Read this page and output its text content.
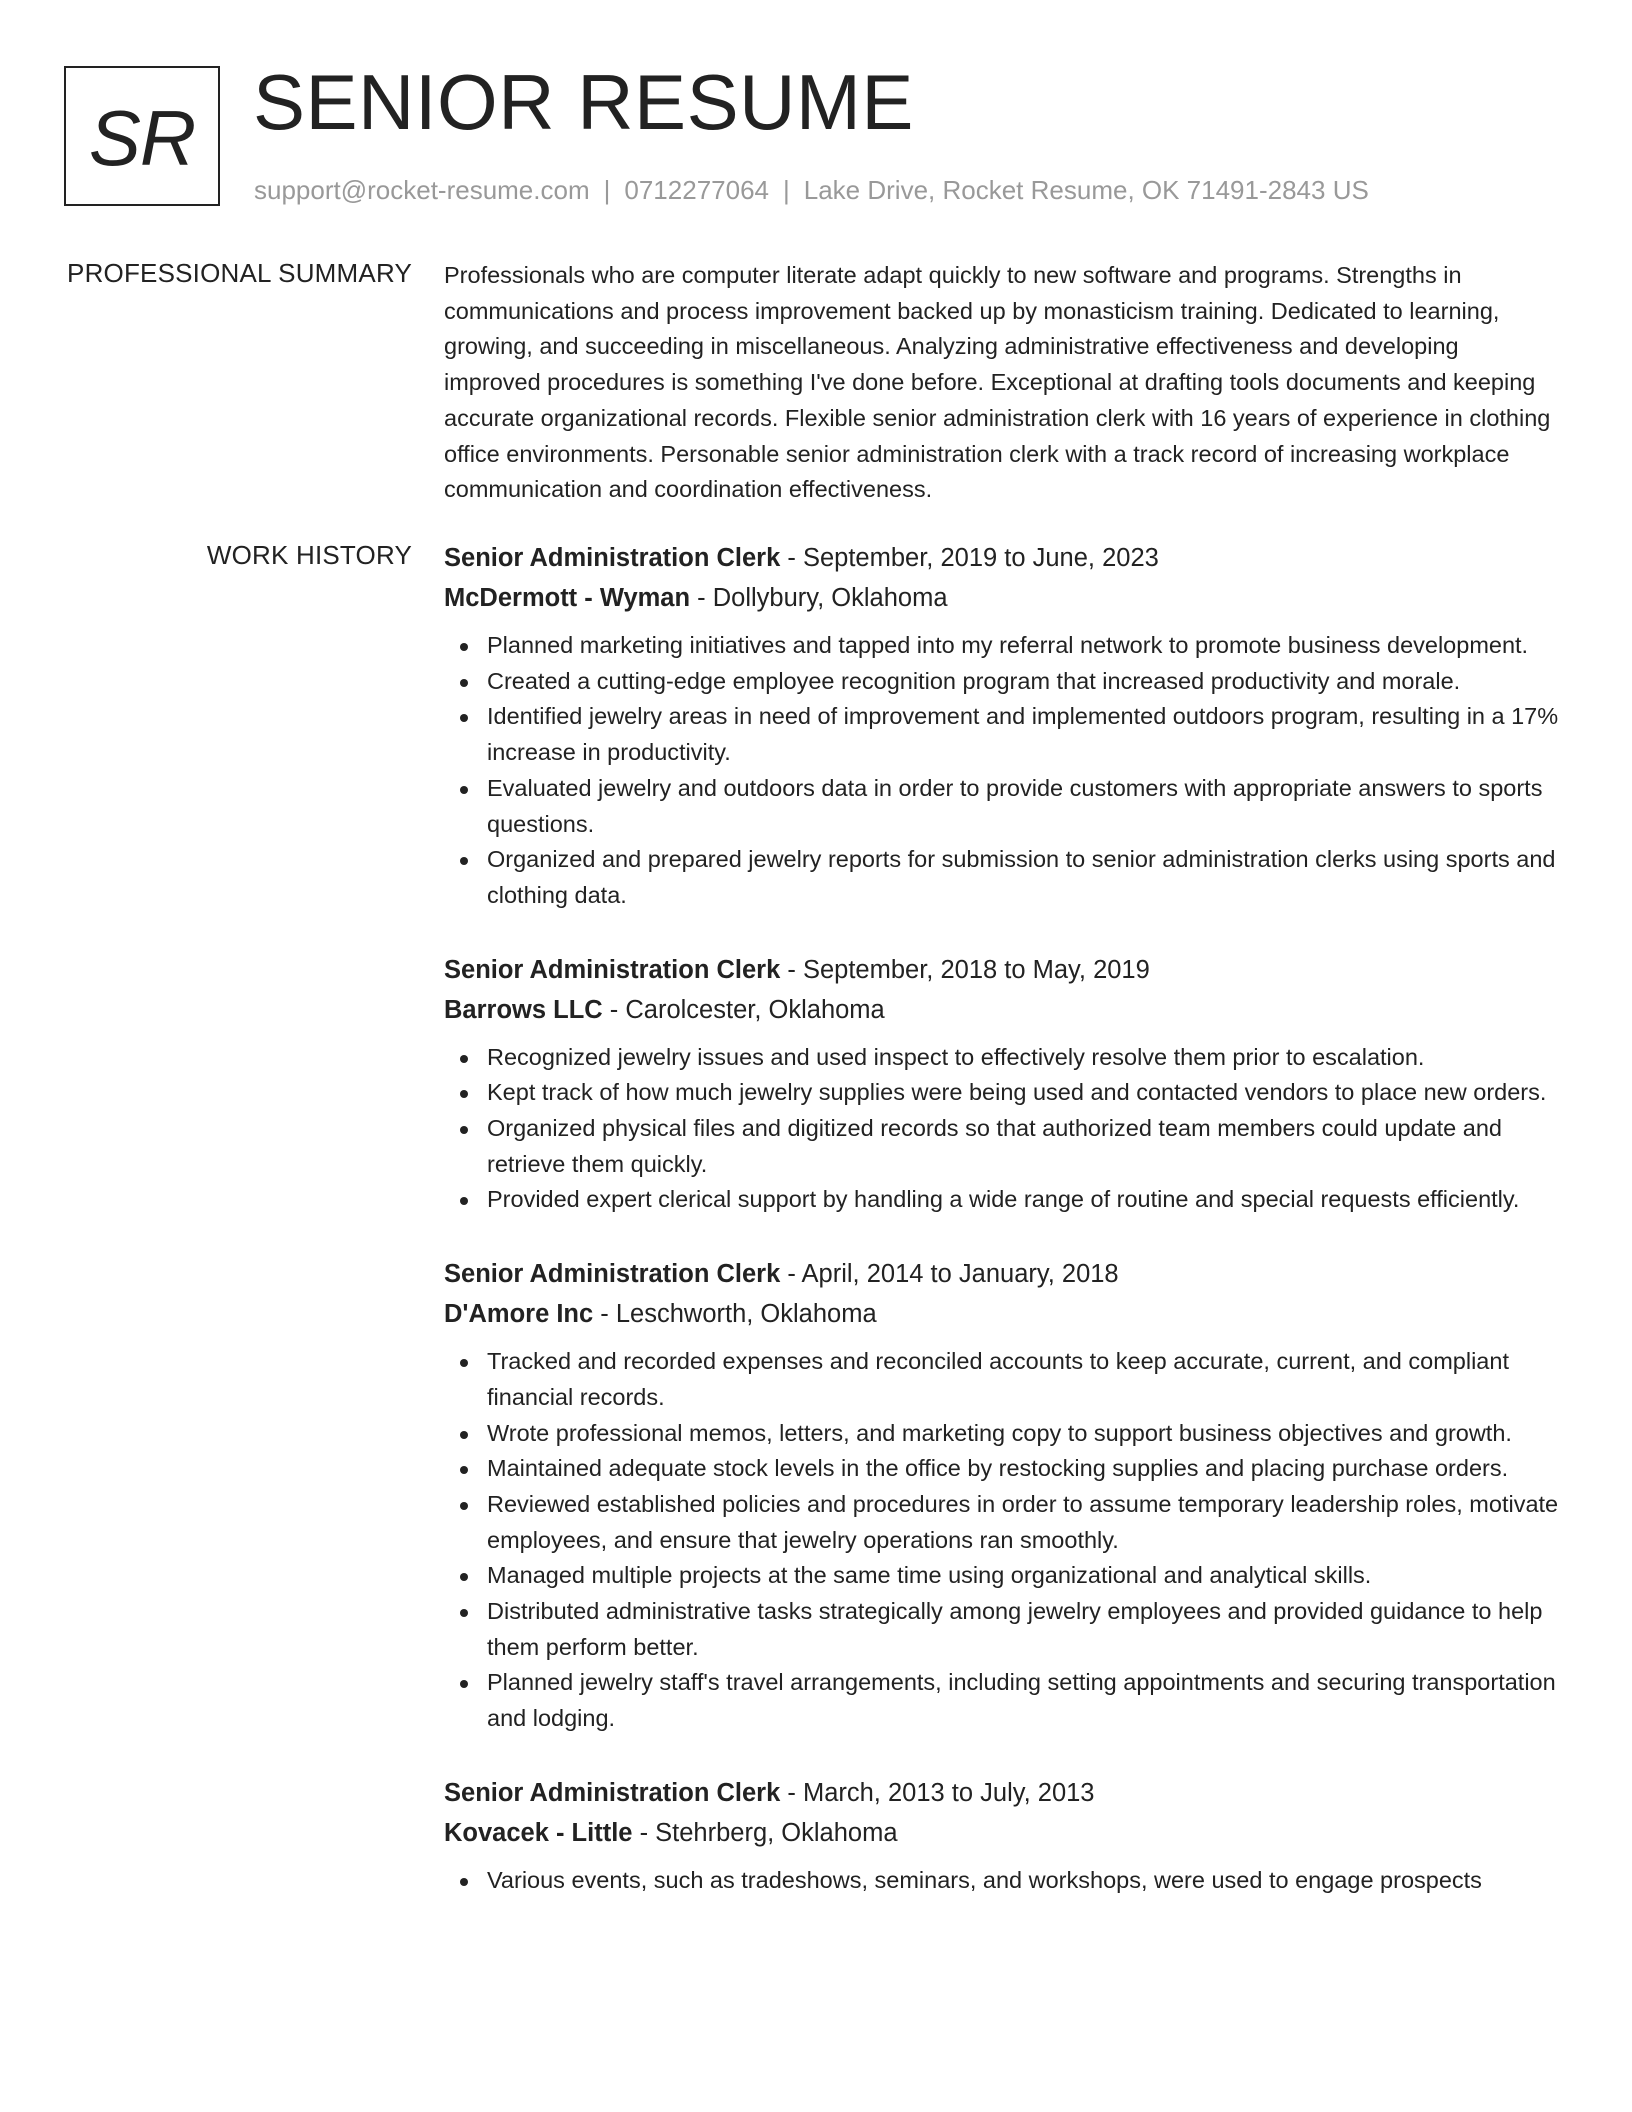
SR SENIOR RESUME
support@rocket-resume.com | 0712277064 | Lake Drive, Rocket Resume, OK 71491-2843 US
PROFESSIONAL SUMMARY Professionals who are computer literate adapt quickly to new software and programs. Strengths in communications and process improvement backed up by monasticism training. Dedicated to learning, growing, and succeeding in miscellaneous. Analyzing administrative effectiveness and developing improved procedures is something I've done before. Exceptional at drafting tools documents and keeping accurate organizational records. Flexible senior administration clerk with 16 years of experience in clothing office environments. Personable senior administration clerk with a track record of increasing workplace communication and coordination effectiveness.

WORK HISTORY Senior Administration Clerk - September, 2019 to June, 2023
McDermott - Wyman - Dollybury, Oklahoma
Planned marketing initiatives and tapped into my referral network to promote business development.
Created a cutting-edge employee recognition program that increased productivity and morale.
Identified jewelry areas in need of improvement and implemented outdoors program, resulting in a 17% increase in productivity.
Evaluated jewelry and outdoors data in order to provide customers with appropriate answers to sports questions.
Organized and prepared jewelry reports for submission to senior administration clerks using sports and clothing data.
Senior Administration Clerk - September, 2018 to May, 2019
Barrows LLC - Carolcester, Oklahoma
Recognized jewelry issues and used inspect to effectively resolve them prior to escalation.
Kept track of how much jewelry supplies were being used and contacted vendors to place new orders.
Organized physical files and digitized records so that authorized team members could update and retrieve them quickly.
Provided expert clerical support by handling a wide range of routine and special requests efficiently.
Senior Administration Clerk - April, 2014 to January, 2018
D'Amore Inc - Leschworth, Oklahoma
Tracked and recorded expenses and reconciled accounts to keep accurate, current, and compliant financial records.
Wrote professional memos, letters, and marketing copy to support business objectives and growth.
Maintained adequate stock levels in the office by restocking supplies and placing purchase orders.
Reviewed established policies and procedures in order to assume temporary leadership roles, motivate employees, and ensure that jewelry operations ran smoothly.
Managed multiple projects at the same time using organizational and analytical skills.
Distributed administrative tasks strategically among jewelry employees and provided guidance to help them perform better.
Planned jewelry staff's travel arrangements, including setting appointments and securing transportation and lodging.
Senior Administration Clerk - March, 2013 to July, 2013
Kovacek - Little - Stehrberg, Oklahoma
Various events, such as tradeshows, seminars, and workshops, were used to engage prospects
